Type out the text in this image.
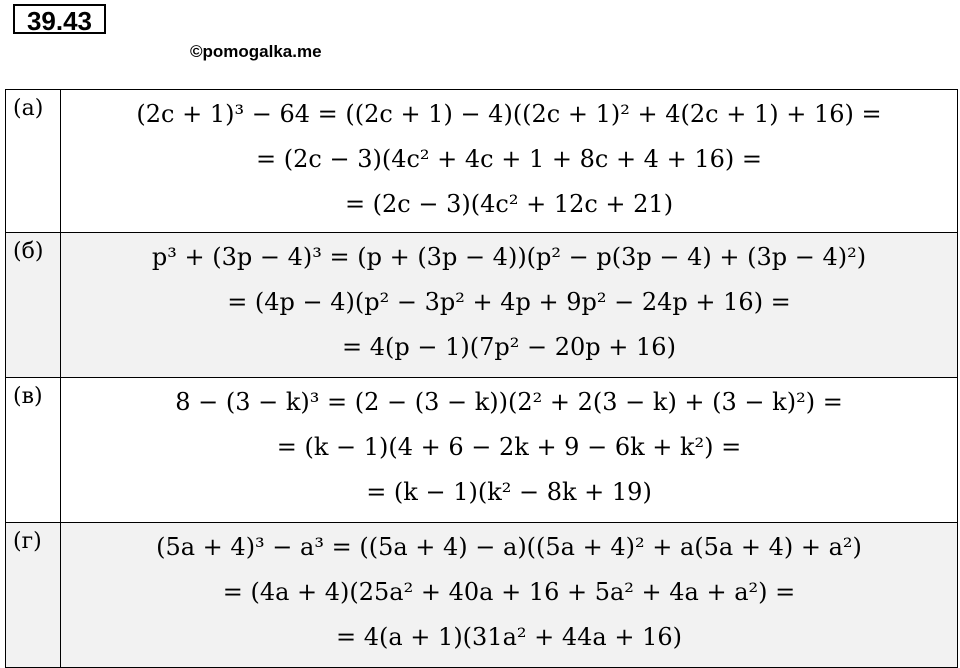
39.43
©pomogalka.me
(а)	(2c + 1)³ − 64 = ((2c + 1) − 4)((2c + 1)² + 4(2c + 1) + 16) =
= (2c − 3)(4c² + 4c + 1 + 8c + 4 + 16) =
= (2c − 3)(4c² + 12c + 21)

(б)	p³ + (3p − 4)³ = (p + (3p − 4))(p² − p(3p − 4) + (3p − 4)²)
= (4p − 4)(p² − 3p² + 4p + 9p² − 24p + 16) =
= 4(p − 1)(7p² − 20p + 16)

(в)	8 − (3 − k)³ = (2 − (3 − k))(2² + 2(3 − k) + (3 − k)²) =
= (k − 1)(4 + 6 − 2k + 9 − 6k + k²) =
= (k − 1)(k² − 8k + 19)

(г)	(5a + 4)³ − a³ = ((5a + 4) − a)((5a + 4)² + a(5a + 4) + a²)
= (4a + 4)(25a² + 40a + 16 + 5a² + 4a + a²) =
= 4(a + 1)(31a² + 44a + 16)
